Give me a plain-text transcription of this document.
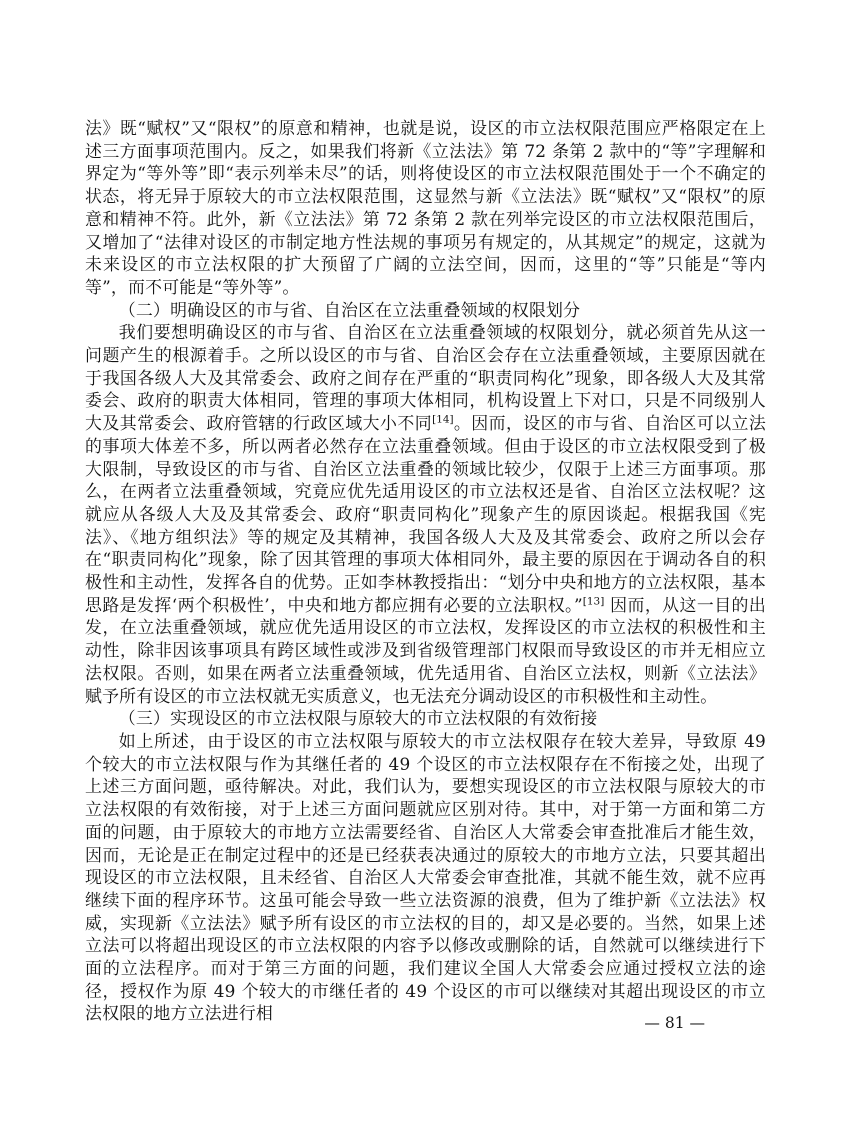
法》既“赋权”又“限权”的原意和精神，也就是说，设区的市立法权限范围应严格限定在上述三方面事项范围内。反之，如果我们将新《立法法》第 72 条第 2 款中的“等”字理解和界定为“等外等”即“表示列举未尽”的话，则将使设区的市立法权限范围处于一个不确定的状态，将无异于原较大的市立法权限范围，这显然与新《立法法》既“赋权”又“限权”的原意和精神不符。此外，新《立法法》第 72 条第 2 款在列举完设区的市立法权限范围后，又增加了“法律对设区的市制定地方性法规的事项另有规定的，从其规定”的规定，这就为未来设区的市立法权限的扩大预留了广阔的立法空间，因而，这里的“等”只能是“等内等”，而不可能是“等外等”。

（二）明确设区的市与省、自治区在立法重叠领域的权限划分

我们要想明确设区的市与省、自治区在立法重叠领域的权限划分，就必须首先从这一问题产生的根源着手。之所以设区的市与省、自治区会存在立法重叠领域，主要原因就在于我国各级人大及其常委会、政府之间存在严重的“职责同构化”现象，即各级人大及其常委会、政府的职责大体相同，管理的事项大体相同，机构设置上下对口，只是不同级别人大及其常委会、政府管辖的行政区域大小不同[14]。因而，设区的市与省、自治区可以立法的事项大体差不多，所以两者必然存在立法重叠领域。但由于设区的市立法权限受到了极大限制，导致设区的市与省、自治区立法重叠的领域比较少，仅限于上述三方面事项。那么，在两者立法重叠领域，究竟应优先适用设区的市立法权还是省、自治区立法权呢？这就应从各级人大及及其常委会、政府“职责同构化”现象产生的原因谈起。根据我国《宪法》、《地方组织法》等的规定及其精神，我国各级人大及及其常委会、政府之所以会存在“职责同构化”现象，除了因其管理的事项大体相同外，最主要的原因在于调动各自的积极性和主动性，发挥各自的优势。正如李林教授指出：“划分中央和地方的立法权限，基本思路是发挥‘两个积极性’，中央和地方都应拥有必要的立法职权。”[13] 因而，从这一目的出发，在立法重叠领域，就应优先适用设区的市立法权，发挥设区的市立法权的积极性和主动性，除非因该事项具有跨区域性或涉及到省级管理部门权限而导致设区的市并无相应立法权限。否则，如果在两者立法重叠领域，优先适用省、自治区立法权，则新《立法法》赋予所有设区的市立法权就无实质意义，也无法充分调动设区的市积极性和主动性。

（三）实现设区的市立法权限与原较大的市立法权限的有效衔接

如上所述，由于设区的市立法权限与原较大的市立法权限存在较大差异，导致原 49 个较大的市立法权限与作为其继任者的 49 个设区的市立法权限存在不衔接之处，出现了上述三方面问题，亟待解决。对此，我们认为，要想实现设区的市立法权限与原较大的市立法权限的有效衔接，对于上述三方面问题就应区别对待。其中，对于第一方面和第二方面的问题，由于原较大的市地方立法需要经省、自治区人大常委会审查批准后才能生效，因而，无论是正在制定过程中的还是已经获表决通过的原较大的市地方立法，只要其超出现设区的市立法权限，且未经省、自治区人大常委会审查批准，其就不能生效，就不应再继续下面的程序环节。这虽可能会导致一些立法资源的浪费，但为了维护新《立法法》权威，实现新《立法法》赋予所有设区的市立法权的目的，却又是必要的。当然，如果上述立法可以将超出现设区的市立法权限的内容予以修改或删除的话，自然就可以继续进行下面的立法程序。而对于第三方面的问题，我们建议全国人大常委会应通过授权立法的途径，授权作为原 49 个较大的市继任者的 49 个设区的市可以继续对其超出现设区的市立法权限的地方立法进行相	— 81 —
